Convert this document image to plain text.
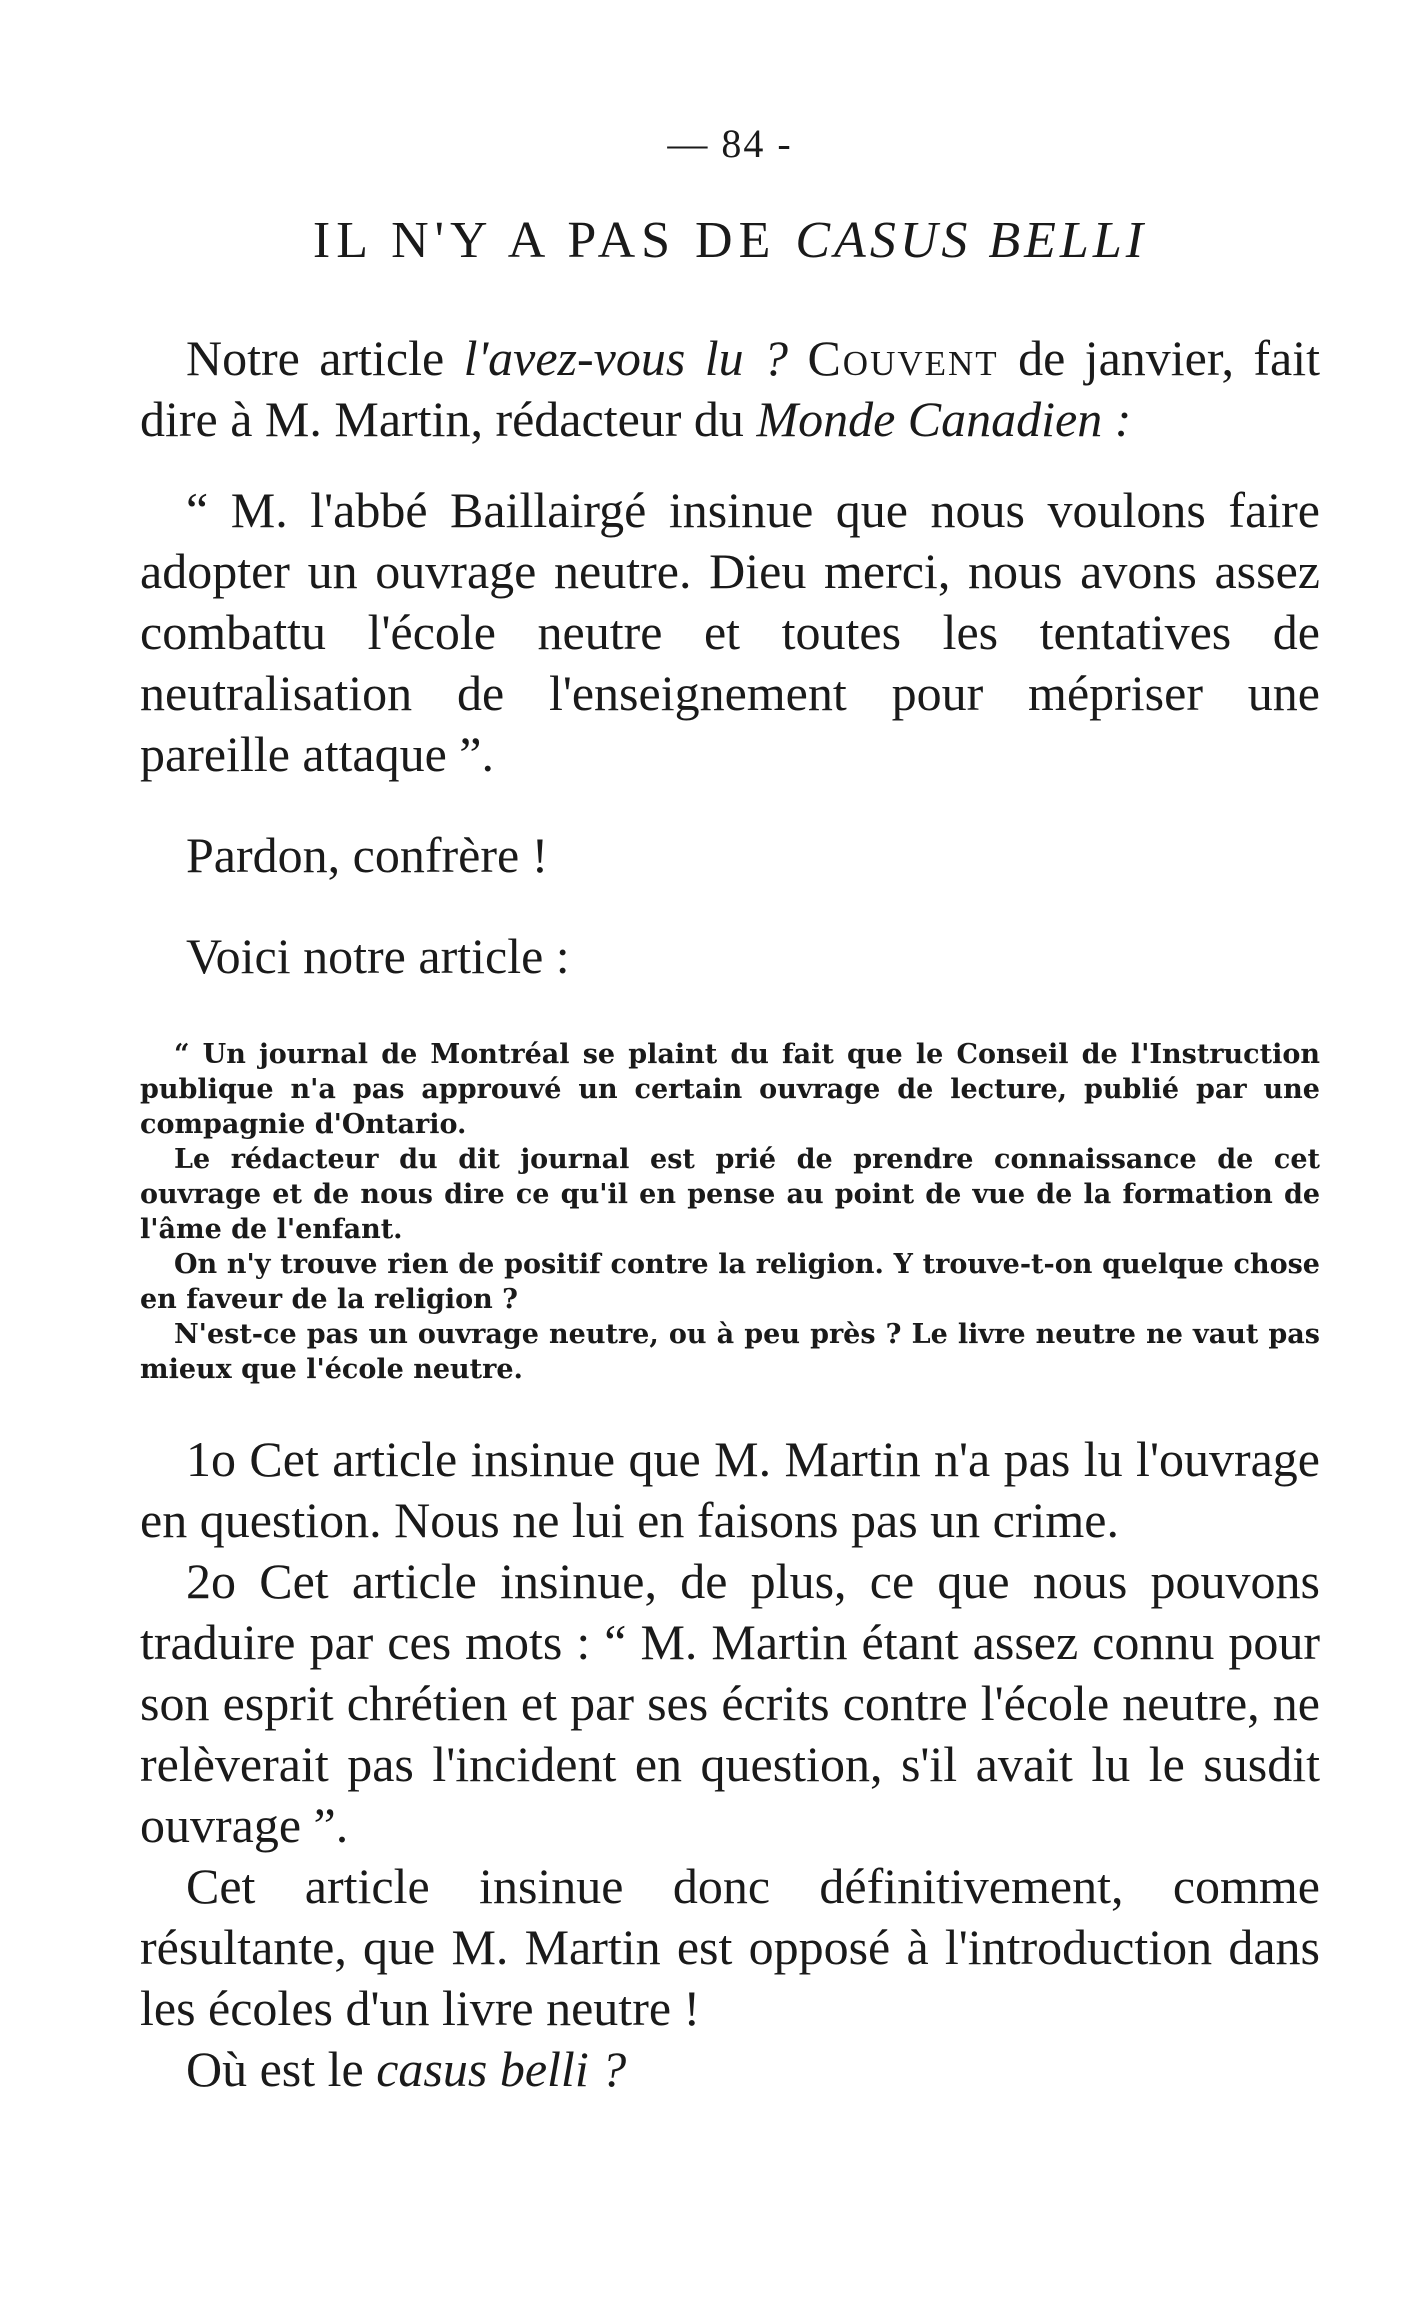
— 84 -
IL N'Y A PAS DE CASUS BELLI

Notre article l'avez-vous lu ? Couvent de janvier, fait dire à M. Martin, rédacteur du Monde Canadien :

“ M. l'abbé Baillairgé insinue que nous voulons faire adopter un ouvrage neutre. Dieu merci, nous avons assez combattu l'école neutre et toutes les tentatives de neutralisation de l'enseignement pour mépriser une pareille attaque ”.

Pardon, confrère !

Voici notre article :

“ Un journal de Montréal se plaint du fait que le Conseil de l'Instruction publique n'a pas approuvé un certain ouvrage de lecture, publié par une compagnie d'Ontario.

Le rédacteur du dit journal est prié de prendre connaissance de cet ouvrage et de nous dire ce qu'il en pense au point de vue de la formation de l'âme de l'enfant.

On n'y trouve rien de positif contre la religion. Y trouve-t-on quelque chose en faveur de la religion ?

N'est-ce pas un ouvrage neutre, ou à peu près ? Le livre neutre ne vaut pas mieux que l'école neutre.

1o Cet article insinue que M. Martin n'a pas lu l'ouvrage en question. Nous ne lui en faisons pas un crime.

2o Cet article insinue, de plus, ce que nous pouvons traduire par ces mots : “ M. Martin étant assez connu pour son esprit chrétien et par ses écrits contre l'école neutre, ne relèverait pas l'incident en question, s'il avait lu le susdit ouvrage ”.

Cet article insinue donc définitivement, comme résultante, que M. Martin est opposé à l'introduction dans les écoles d'un livre neutre !

Où est le casus belli ?
